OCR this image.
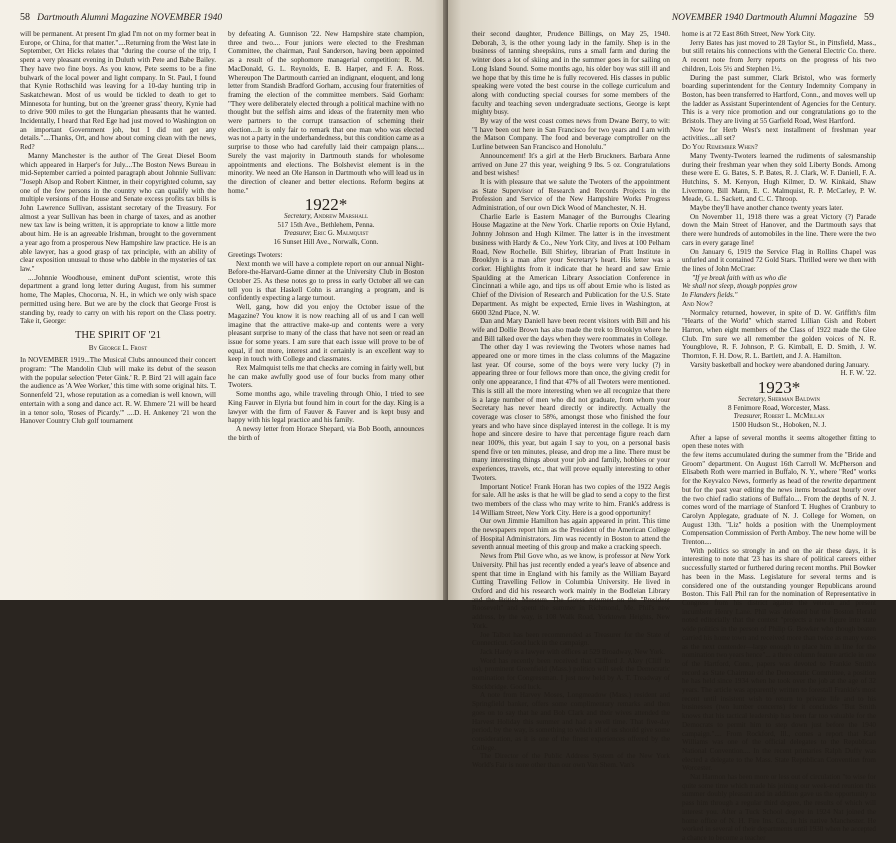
58 Dartmouth Alumni Magazine NOVEMBER 1940

will be permanent. At present I'm glad I'm not on my former beat in Europe, or China, for that matter."....Returning from the West late in September, Ort Hicks relates that "during the course of the trip, I spent a very pleasant evening in Duluth with Pete and Babe Bailey. They have two fine boys. As you know, Pete seems to be a fine bulwark of the local power and light company. In St. Paul, I found that Kynie Rothschild was leaving for a 10-day hunting trip in Saskatchewan. Most of us would be tickled to death to get to Minnesota for hunting, but on the 'greener grass' theory, Kynie had to drive 900 miles to get the Hungarian pheasants that he wanted. Incidentally, I heard that Red Ege had just moved to Washington on an important Government job, but I did not get any details."....Thanks, Ort, and how about coming clean with the news, Red?

Manny Manchester is the author of The Great Diesel Boom which appeared in Harper's for July....The Boston News Bureau in mid-September carried a pointed paragraph about Johnnie Sullivan: "Joseph Alsop and Robert Kintner, in their copyrighted column, say one of the few persons in the country who can qualify with the multiple versions of the House and Senate excess profits tax bills is John Lawrence Sullivan, assistant secretary of the Treasury. For almost a year Sullivan has been in charge of taxes, and as another new tax law is being written, it is appropriate to know a little more about him. He is an agreeable Irishman, brought to the government a year ago from a prosperous New Hampshire law practice. He is an able lawyer, has a good grasp of tax principle, with an ability of clear exposition unusual to those who dabble in the mysteries of tax law."

....Johnnie Woodhouse, eminent duPont scientist, wrote this department a grand long letter during August, from his summer home, The Maples, Chocorua, N. H., in which we only wish space permitted using here. But we are by the clock that George Frost is standing by, ready to carry on with his report on the Class poetry. Take it, George:

THE SPIRIT OF '21
By George L. Frost

In NOVEMBER 1919...The Musical Clubs announced their concert program: "The Mandolin Club will make its debut of the season with the popular selection 'Peter Gink.' R. P. Bird '21 will again face the audience as 'A Wee Worker,' this time with some original hits. T. Sonnenfeld '21, whose reputation as a comedian is well known, will entertain with a song and dance act. R. W. Ehmere '21 will be heard in a tenor solo, 'Roses of Picardy.'" ....D. H. Ankeney '21 won the Hanover Country Club golf tournament

by defeating A. Gunnison '22. New Hampshire state champion, three and two.... Four juniors were elected to the Freshman Committee, the chairman, Paul Sanderson, having been appointed as a result of the sophomore managerial competition: R. M. MacDonald, G. L. Reynolds, E. B. Harper, and F. A. Ross. Whereupon The Dartmouth carried an indignant, eloquent, and long letter from Standish Bradford Gorham, accusing four fraternities of framing the election of the committee members. Said Gorham: "They were deliberately elected through a political machine with no thought but the selfish aims and ideas of the fraternity men who were partners to the corrupt transaction of scheming their election....It is only fair to remark that one man who was elected was not a party in the underhandedness, but this condition came as a surprise to those who had carefully laid their campaign plans.... Surely the vast majority in Dartmouth stands for wholesome appointments and elections. The Bolshevist element is in the minority. We need an Ole Hanson in Dartmouth who will lead us in the direction of cleaner and better elections. Reform begins at home."

1922*
Secretary, Andrew Marshall
517 15th Ave., Bethlehem, Penna.
Treasurer, Eric G. Malmquist
16 Sunset Hill Ave., Norwalk, Conn.

Greetings Twoters:

Next month we will have a complete report on our annual Night-Before-the-Harvard-Game dinner at the University Club in Boston October 25. As these notes go to press in early October all we can tell you is that Haskell Cohn is arranging a program, and is confidently expecting a large turnout.

Well, gang, how did you enjoy the October issue of the Magazine? You know it is now reaching all of us and I can well imagine that the attractive make-up and contents were a very pleasant surprise to many of the class that have not seen or read an issue for some years. I am sure that each issue will prove to be of equal, if not more, interest and it certainly is an excellent way to keep in touch with College and classmates.

Rex Malmquist tells me that checks are coming in fairly well, but he can make awfully good use of four bucks from many other Twoters.

Some months ago, while traveling through Ohio, I tried to see King Fauver in Elyria but found him in court for the day. King is a lawyer with the firm of Fauver & Fauver and is kept busy and happy with his legal practice and his family.

A newsy letter from Horace Shepard, via Bob Booth, announces the birth of

NOVEMBER 1940 Dartmouth Alumni Magazine 59

their second daughter, Prudence Billings, on May 25, 1940. Deborah, 3, is the other young lady in the family. Shep is in the business of tanning sheepskins, runs a small farm and during the winter does a lot of skiing and in the summer goes in for sailing on Long Island Sound. Some months ago, his older boy was still ill and we hope that by this time he is fully recovered. His classes in public speaking were voted the best course in the college curriculum and along with conducting special courses for some members of the faculty and teaching seven undergraduate sections, George is kept mighty busy.

By way of the west coast comes news from Dwane Berry, to wit: "I have been out here in San Francisco for two years and I am with the Matson Company. The food and beverage comptroller on the Lurline between San Francisco and Honolulu."

Announcement! It's a girl at the Herb Bruckners. Barbara Anne arrived on June 27 this year, weighing 9 lbs. 5 oz. Congratulations and best wishes!

It is with pleasure that we salute the Twoters of the appointment as State Supervisor of Research and Records Projects in the Profession and Service of the New Hampshire Works Progress Administration, of our own Dick Wood of Manchester, N. H.

Charlie Earle is Eastern Manager of the Burroughs Clearing House Magazine at the New York. Charlie reports on Oxie Hyland, Johnny Johnson and Hugh Kilmer. The latter is in the investment business with Hardy & Co., New York City, and lives at 100 Pelham Road, New Rochelle. Bill Shirley, librarian of Pratt Institute in Brooklyn is a man after your Secretary's heart. His letter was a corker. Highlights from it indicate that he heard and saw Ernie Spaulding at the American Library Association Conference in Cincinnati a while ago, and tips us off about Ernie who is listed as Chief of the Division of Research and Publication for the U.S. State Department. As might be expected, Ernie lives in Washington, at 6600 32nd Place, N. W.

Dan and Mary Daniell have been recent visitors with Bill and his wife and Dollie Brown has also made the trek to Brooklyn where he and Bill talked over the days when they were roommates in College.

The other day I was reviewing the Twoters whose names had appeared one or more times in the class columns of the Magazine last year. Of course, some of the boys were very lucky (?) in appearing three or four fellows more than once, the giving credit for only one appearance, I find that 47% of all Twoters were mentioned. This is still all the more interesting when we all recognize that there is a large number of men who did not graduate, from whom your Secretary has never heard directly or indirectly. Actually the coverage was closer to 58%, amongst those who finished the four years and who have since displayed interest in the college. It is my hope and sincere desire to have that percentage figure reach darn near 100%, this year, but again I say to you, on a personal basis spend five or ten minutes, please, and drop me a line. There must be many interesting things about your job and family, hobbies or your experiences, travels, etc., that will prove equally interesting to other Twoters.

Important Notice! Frank Horan has two copies of the 1922 Aegis for sale. All he asks is that he will be glad to send a copy to the first two members of the class who may write to him. Frank's address is 14 William Street, New York City. Here is a good opportunity!

Our own Jimmie Hamilton has again appeared in print. This time the newspapers report him as the President of the American College of Hospital Administrators. Jim was recently in Boston to attend the seventh annual meeting of this group and make a cracking speech.

News from Phil Gove who, as we know, is professor at New York University. Phil has just recently ended a year's leave of absence and spent that time in England with his family as the William Bayard Cutting Travelling Fellow in Columbia University. He lived in Oxford and did his research work mainly in the Bodleian Library and the British Museum. The Goves returned on the "President Roosevelt" and spent the summer in Richmond, Me. Phil's new address, by the way, is 108 Walk Road, Yorktown Heights, New York.

Joe Talbot has been recommended as Treasurer for the State of Connecticut. Good luck in the campaign.

Jack Hardy is a lawyer with offices at 529 Broadway, New York.

Word has recently been received that Clifford J. Akey (Cliff to us), prominent Greenfield (Mass.) politico will seek the Democratic nomination for Congressman. I just now held by A. T. Treadway of Stockbridge. Good luck.

A note from Harvey Moses, Longmeadow (Mass.) resident and Springfield banker, offers some complimentary remarks and then goes on to say that he and Bob Clark and their wives attended the Harvest Holiday this summer and had a swell time. That five-day period, by the way, is something to which all of us should give some consideration, as it is one of the finest experiences offered by the College.

The Director of the Public Address System of the New York World's Fair is none other than our own Van Shem. Van's

home is at 72 East 86th Street, New York City.

Jerry Bates has just moved to 28 Taylor St., in Pittsfield, Mass., but still retains his connections with the General Electric Co. there. A recent note from Jerry reports on the progress of his two children, Lois 5½ and Stephen 1½.

During the past summer, Clark Bristol, who was formerly boarding superintendent for the Century Indemnity Company in Boston, has been transferred to Hartford, Conn., and moves well up the ladder as Assistant Superintendent of Agencies for the Century. This is a very nice promotion and our congratulations go to the Bristols. They are living at 55 Garfield Road, West Hartford.

Now for Herb West's next installment of freshman year activities....all set?

Do You Remember When?

Many Twenty-Twoters learned the rudiments of salesmanship during their freshman year when they sold Liberty Bonds. Among these were E. G. Bates, S. P. Bates, R. J. Clark, W. F. Daniell, F. A. Hutchins, S. M. Kenyon, Hugh Kilmer, D. W. Kinkaid, Shaw Livermore, Bill Mann, E. C. Malmquist, R. P. McCarley, P. W. Meade, G. L. Sackett, and C. C. Throop.

Maybe they'll have another chance twenty years later.

On November 11, 1918 there was a great Victory (?) Parade down the Main Street of Hanover, and the Dartmouth says that there were hundreds of automobiles in the line. There were the two cars in every garage line!

On January 6, 1919 the Service Flag in Rollins Chapel was unfurled and it contained 72 Gold Stars. Thrilled were we then with the lines of John McCrae:

"If ye break faith with us who die
We shall not sleep, though poppies grow
In Flanders fields."

And Now?

Normalcy returned, however, in spite of D. W. Griffith's film "Hearts of the World" which starred Lillian Gish and Robert Harron, when eight members of the Class of 1922 made the Glee Club. I'm sure we all remember the golden voices of N. R. Youngblove, R. F. Johnson, P. G. Kimball, E. D. Smith, J. W. Thornton, F. H. Dow, R. L. Bartlett, and J. A. Hamilton.

Varsity basketball and hockey were abandoned during January.

H. F. W. '22.
1923*
Secretary, Sherman Baldwin
8 Fenimore Road, Worcester, Mass.
Treasurer, Robert L. McMillan
1500 Hudson St., Hoboken, N. J.

After a lapse of several months it seems altogether fitting to open these notes with

the few items accumulated during the summer from the "Bride and Groom" department. On August 16th Carroll W. McPherson and Elisabeth Roth were married in Buffalo, N. Y., where "Red" works for the Keyvalco News, formerly as head of the rewrite department but for the past year editing the news items broadcast hourly over the two chief radio stations of Buffalo.... From the depths of N. J. comes word of the marriage of Stanford T. Hughes of Cranbury to Carolyn Applegate, graduate of N. J. College for Women, on August 13th. "Liz" holds a position with the Unemployment Compensation Commission of Perth Amboy. The new home will be Trenton....

With politics so strongly in and on the air these days, it is interesting to note that '23 has its share of political careers either successfully started or furthered during recent months. Phil Bowker has been in the Mass. Legislature for several terms and is considered one of the outstanding younger Republicans around Boston. This Fall Phil ran for the nomination of Representative in Congress from his district against the veteran and present incumbent Henry Lane. Phil was defeated but the Boston Herald noted editorially that the contest "projects a new figure into state wide politics in the person of Philip G. Bowker who though beaten carried his home town and received more than twice as many votes as the next contender—large enough to place him in line for the nomination two years hence"... a three column feature article in one of the Hartford, Conn., papers was devoted to Frankie Smith's record as State Chairman of the Democratic Committee, a position he has held since 1934 when he took over the job at the age of 32 years. The article was apparently written to forestall Frankie's most recent until insistent wish to return to private life and to his businesses (two lumber concerns) for it concludes "But Smith knows that his tactical leadership has been far too valuable for the Democrats to permit him to step down just before the 1940 campaign.".... From Rockford, Ill., comes a report that Karl Williams was one of the official delegates to the Republican National Convention.... In the recent primaries Ralph Duffy was elected a delegate to the Mass. State Republican Convention from Worcester.

Nat Harmon has been more or less out of circulation "to wise for quite some time which made his joining our week-end reunion this summer doubly pleasant and in addition gave us the opportunity to pass him through a regular third degree, the results of which will interest you. After a Tuck School degree in 1924 Nat joined the home office of N. H. Fire Ins. Co., in his native Manchester. He worked in several of their departments until 1930 when he accepted a chance to become a teacher
